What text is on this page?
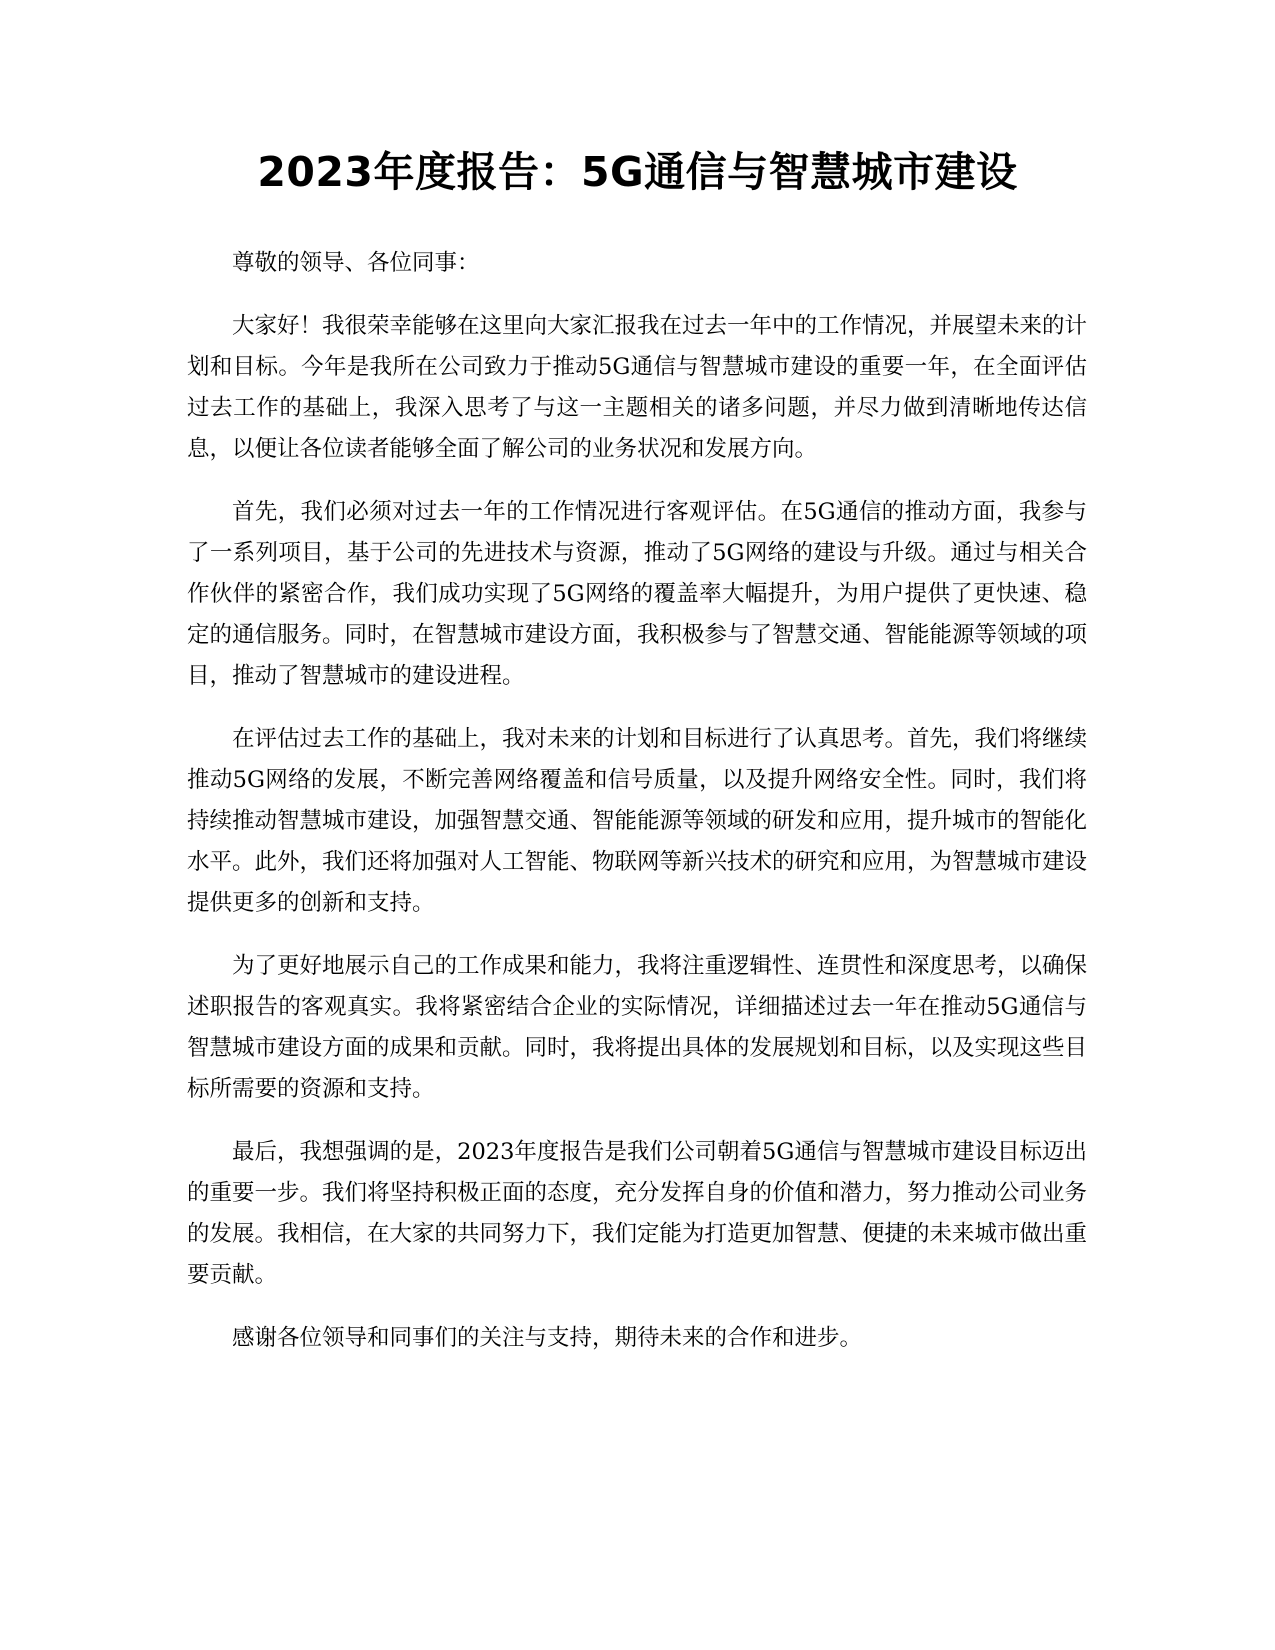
2023年度报告：5G通信与智慧城市建设

尊敬的领导、各位同事：

大家好！我很荣幸能够在这里向大家汇报我在过去一年中的工作情况，并展望未来的计划和目标。今年是我所在公司致力于推动5G通信与智慧城市建设的重要一年，在全面评估过去工作的基础上，我深入思考了与这一主题相关的诸多问题，并尽力做到清晰地传达信息，以便让各位读者能够全面了解公司的业务状况和发展方向。

首先，我们必须对过去一年的工作情况进行客观评估。在5G通信的推动方面，我参与了一系列项目，基于公司的先进技术与资源，推动了5G网络的建设与升级。通过与相关合作伙伴的紧密合作，我们成功实现了5G网络的覆盖率大幅提升，为用户提供了更快速、稳定的通信服务。同时，在智慧城市建设方面，我积极参与了智慧交通、智能能源等领域的项目，推动了智慧城市的建设进程。

在评估过去工作的基础上，我对未来的计划和目标进行了认真思考。首先，我们将继续推动5G网络的发展，不断完善网络覆盖和信号质量，以及提升网络安全性。同时，我们将持续推动智慧城市建设，加强智慧交通、智能能源等领域的研发和应用，提升城市的智能化水平。此外，我们还将加强对人工智能、物联网等新兴技术的研究和应用，为智慧城市建设提供更多的创新和支持。

为了更好地展示自己的工作成果和能力，我将注重逻辑性、连贯性和深度思考，以确保述职报告的客观真实。我将紧密结合企业的实际情况，详细描述过去一年在推动5G通信与智慧城市建设方面的成果和贡献。同时，我将提出具体的发展规划和目标，以及实现这些目标所需要的资源和支持。

最后，我想强调的是，2023年度报告是我们公司朝着5G通信与智慧城市建设目标迈出的重要一步。我们将坚持积极正面的态度，充分发挥自身的价值和潜力，努力推动公司业务的发展。我相信，在大家的共同努力下，我们定能为打造更加智慧、便捷的未来城市做出重要贡献。

感谢各位领导和同事们的关注与支持，期待未来的合作和进步。
